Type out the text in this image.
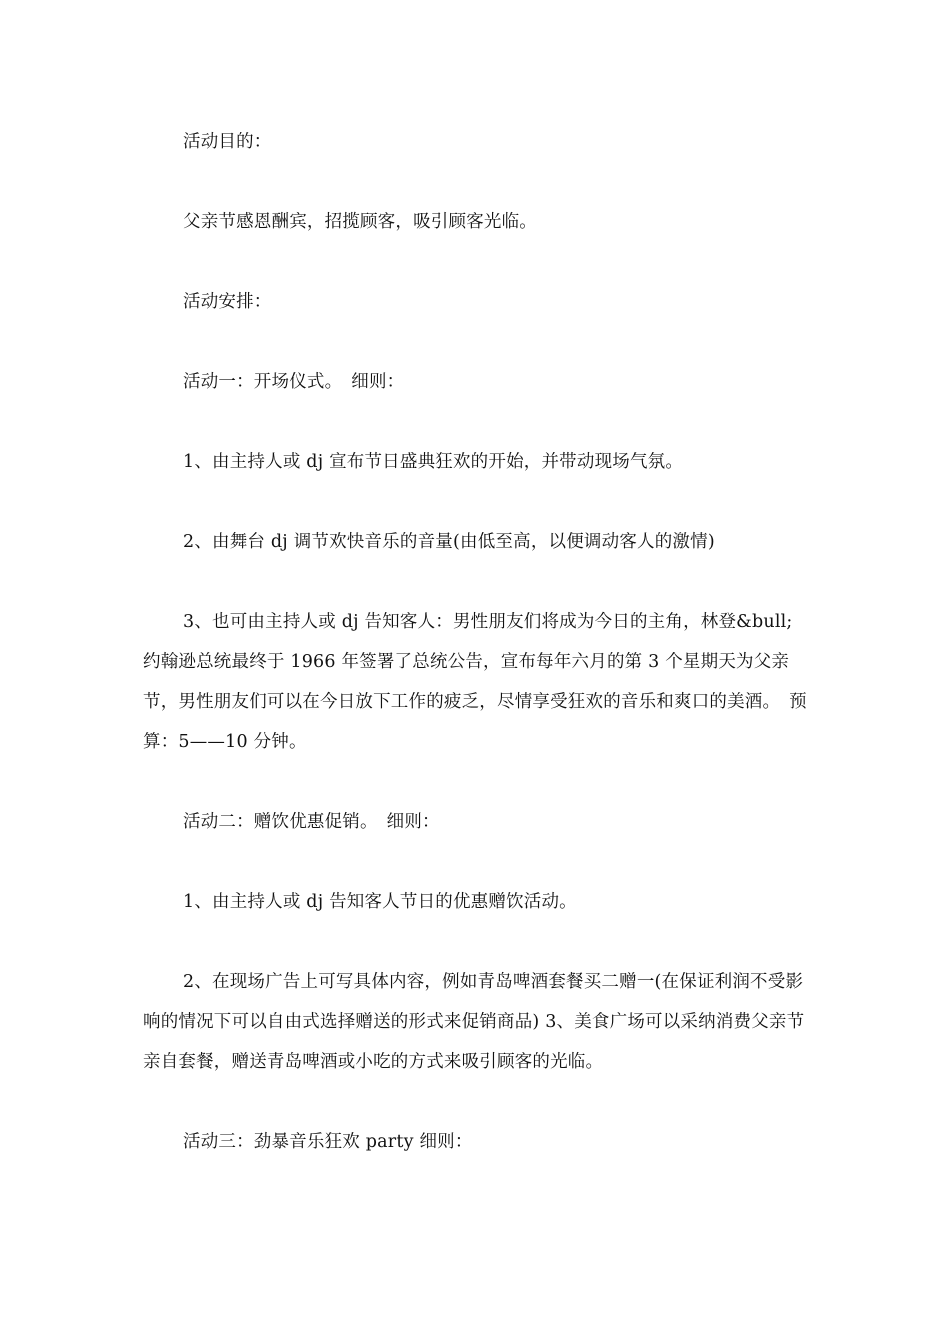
活动目的：

父亲节感恩酬宾，招揽顾客，吸引顾客光临。

活动安排：

活动一：开场仪式。　细则：

1、由主持人或 dj 宣布节日盛典狂欢的开始，并带动现场气氛。

2、由舞台 dj 调节欢快音乐的音量(由低至高，以便调动客人的激情)

3、也可由主持人或 dj 告知客人：男性朋友们将成为今日的主角，林登&bull;约翰逊总统最终于 1966 年签署了总统公告，宣布每年六月的第 3 个星期天为父亲节，男性朋友们可以在今日放下工作的疲乏，尽情享受狂欢的音乐和爽口的美酒。　预算：5——10 分钟。

活动二：赠饮优惠促销。　细则：

1、由主持人或 dj 告知客人节日的优惠赠饮活动。

2、在现场广告上可写具体内容，例如青岛啤酒套餐买二赠一(在保证利润不受影响的情况下可以自由式选择赠送的形式来促销商品) 3、美食广场可以采纳消费父亲节亲自套餐，赠送青岛啤酒或小吃的方式来吸引顾客的光临。

活动三：劲暴音乐狂欢 party 细则：
